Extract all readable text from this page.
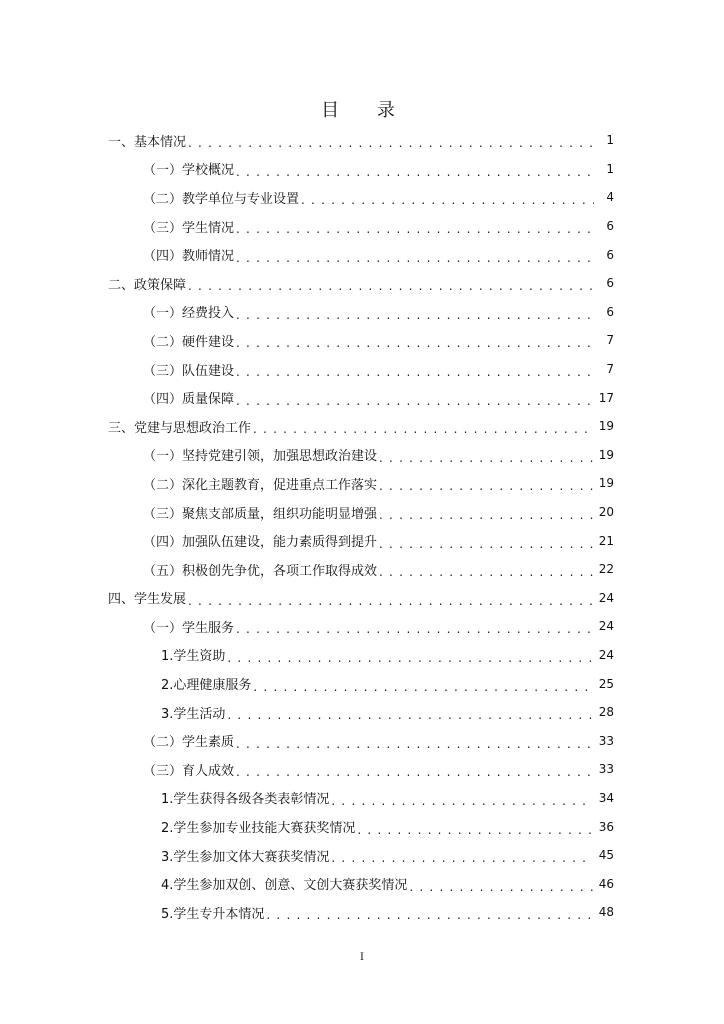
目 录
一、基本情况 . . .	1
（一）学校概况 . . .	1
（二）教学单位与专业设置 . . .	4
（三）学生情况 . . .	6
（四）教师情况 . . .	6
二、政策保障 . . .	6
（一）经费投入 . . .	6
（二）硬件建设 . . .	7
（三）队伍建设 . . .	7
（四）质量保障 . . .	17
三、党建与思想政治工作 . . .	19
（一）坚持党建引领，加强思想政治建设 . . .	19
（二）深化主题教育，促进重点工作落实 . . .	19
（三）聚焦支部质量，组织功能明显增强 . . .	20
（四）加强队伍建设，能力素质得到提升 . . .	21
（五）积极创先争优，各项工作取得成效 . . .	22
四、学生发展 . . .	24
（一）学生服务 . . .	24
1.学生资助 . . .	24
2.心理健康服务 . . .	25
3.学生活动 . . .	28
（二）学生素质 . . .	33
（三）育人成效 . . .	33
1.学生获得各级各类表彰情况 . . .	34
2.学生参加专业技能大赛获奖情况 . . .	36
3.学生参加文体大赛获奖情况 . . .	45
4.学生参加双创、创意、文创大赛获奖情况 . . .	46
5.学生专升本情况 . . .	48
I
